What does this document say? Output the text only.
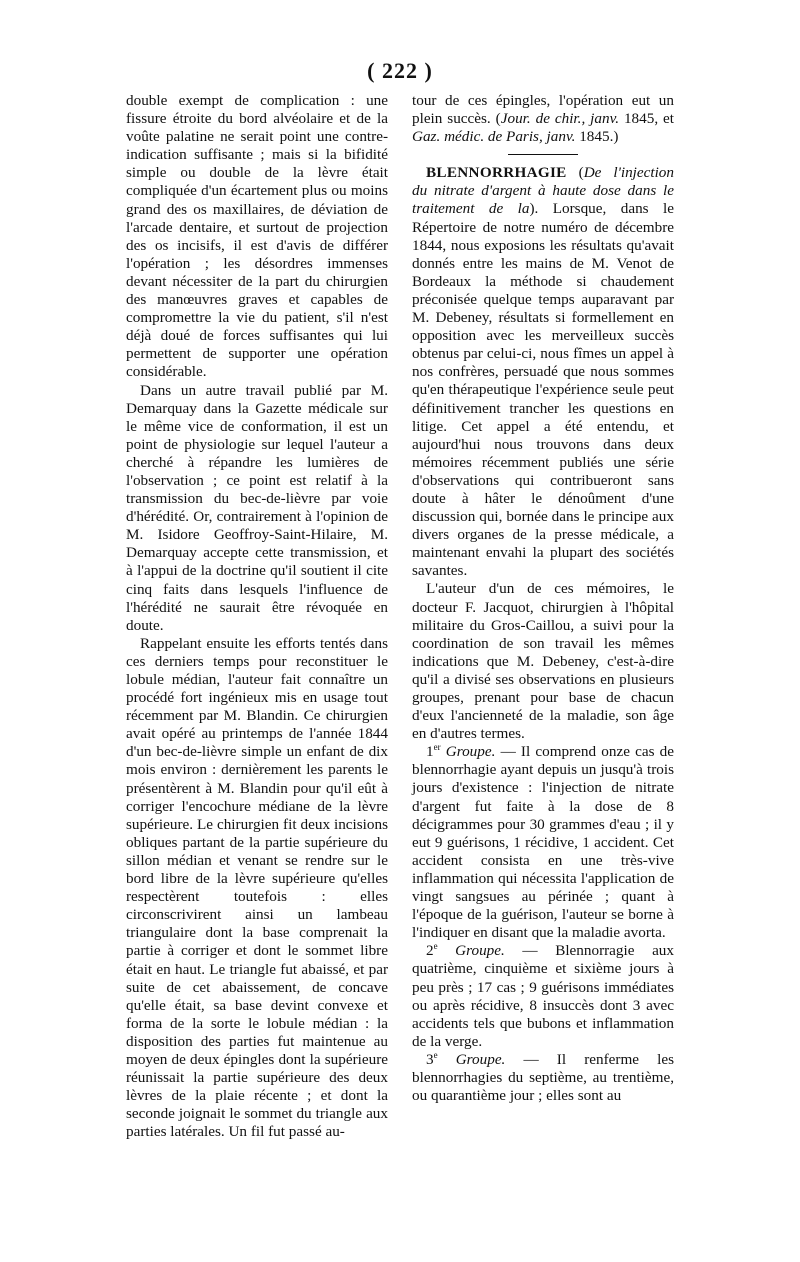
( 222 )

double exempt de complication : une fissure étroite du bord alvéolaire et de la voûte palatine ne serait point une contre-indication suffisante ; mais si la bifidité simple ou double de la lèvre était compliquée d'un écartement plus ou moins grand des os maxillaires, de déviation de l'arcade dentaire, et surtout de projection des os incisifs, il est d'avis de différer l'opération ; les désordres immenses devant nécessiter de la part du chirurgien des manœuvres graves et capables de compromettre la vie du patient, s'il n'est déjà doué de forces suffisantes qui lui permettent de supporter une opération considérable.

Dans un autre travail publié par M. Demarquay dans la Gazette médicale sur le même vice de conformation, il est un point de physiologie sur lequel l'auteur a cherché à répandre les lumières de l'observation ; ce point est relatif à la transmission du bec-de-lièvre par voie d'hérédité. Or, contrairement à l'opinion de M. Isidore Geoffroy-Saint-Hilaire, M. Demarquay accepte cette transmission, et à l'appui de la doctrine qu'il soutient il cite cinq faits dans lesquels l'influence de l'hérédité ne saurait être révoquée en doute.

Rappelant ensuite les efforts tentés dans ces derniers temps pour reconstituer le lobule médian, l'auteur fait connaître un procédé fort ingénieux mis en usage tout récemment par M. Blandin. Ce chirurgien avait opéré au printemps de l'année 1844 d'un bec-de-lièvre simple un enfant de dix mois environ : dernièrement les parents le présentèrent à M. Blandin pour qu'il eût à corriger l'encochure médiane de la lèvre supérieure. Le chirurgien fit deux incisions obliques partant de la partie supérieure du sillon médian et venant se rendre sur le bord libre de la lèvre supérieure qu'elles respectèrent toutefois : elles circonscrivirent ainsi un lambeau triangulaire dont la base comprenait la partie à corriger et dont le sommet libre était en haut. Le triangle fut abaissé, et par suite de cet abaissement, de concave qu'elle était, sa base devint convexe et forma de la sorte le lobule médian : la disposition des parties fut maintenue au moyen de deux épingles dont la supérieure réunissait la partie supérieure des deux lèvres de la plaie récente ; et dont la seconde joignait le sommet du triangle aux parties latérales. Un fil fut passé au-

tour de ces épingles, l'opération eut un plein succès. (Jour. de chir., janv. 1845, et Gaz. médic. de Paris, janv. 1845.)

BLENNORRHAGIE (De l'injection du nitrate d'argent à haute dose dans le traitement de la). Lorsque, dans le Répertoire de notre numéro de décembre 1844, nous exposions les résultats qu'avait donnés entre les mains de M. Venot de Bordeaux la méthode si chaudement préconisée quelque temps auparavant par M. Debeney, résultats si formellement en opposition avec les merveilleux succès obtenus par celui-ci, nous fîmes un appel à nos confrères, persuadé que nous sommes qu'en thérapeutique l'expérience seule peut définitivement trancher les questions en litige. Cet appel a été entendu, et aujourd'hui nous trouvons dans deux mémoires récemment publiés une série d'observations qui contribueront sans doute à hâter le dénoûment d'une discussion qui, bornée dans le principe aux divers organes de la presse médicale, a maintenant envahi la plupart des sociétés savantes.

L'auteur d'un de ces mémoires, le docteur F. Jacquot, chirurgien à l'hôpital militaire du Gros-Caillou, a suivi pour la coordination de son travail les mêmes indications que M. Debeney, c'est-à-dire qu'il a divisé ses observations en plusieurs groupes, prenant pour base de chacun d'eux l'ancienneté de la maladie, son âge en d'autres termes.

1er Groupe. — Il comprend onze cas de blennorrhagie ayant depuis un jusqu'à trois jours d'existence : l'injection de nitrate d'argent fut faite à la dose de 8 décigrammes pour 30 grammes d'eau ; il y eut 9 guérisons, 1 récidive, 1 accident. Cet accident consista en une très-vive inflammation qui nécessita l'application de vingt sangsues au périnée ; quant à l'époque de la guérison, l'auteur se borne à l'indiquer en disant que la maladie avorta.

2e Groupe. — Blennorragie aux quatrième, cinquième et sixième jours à peu près ; 17 cas ; 9 guérisons immédiates ou après récidive, 8 insuccès dont 3 avec accidents tels que bubons et inflammation de la verge.

3e Groupe. — Il renferme les blennorrhagies du septième, au trentième, ou quarantième jour ; elles sont au
